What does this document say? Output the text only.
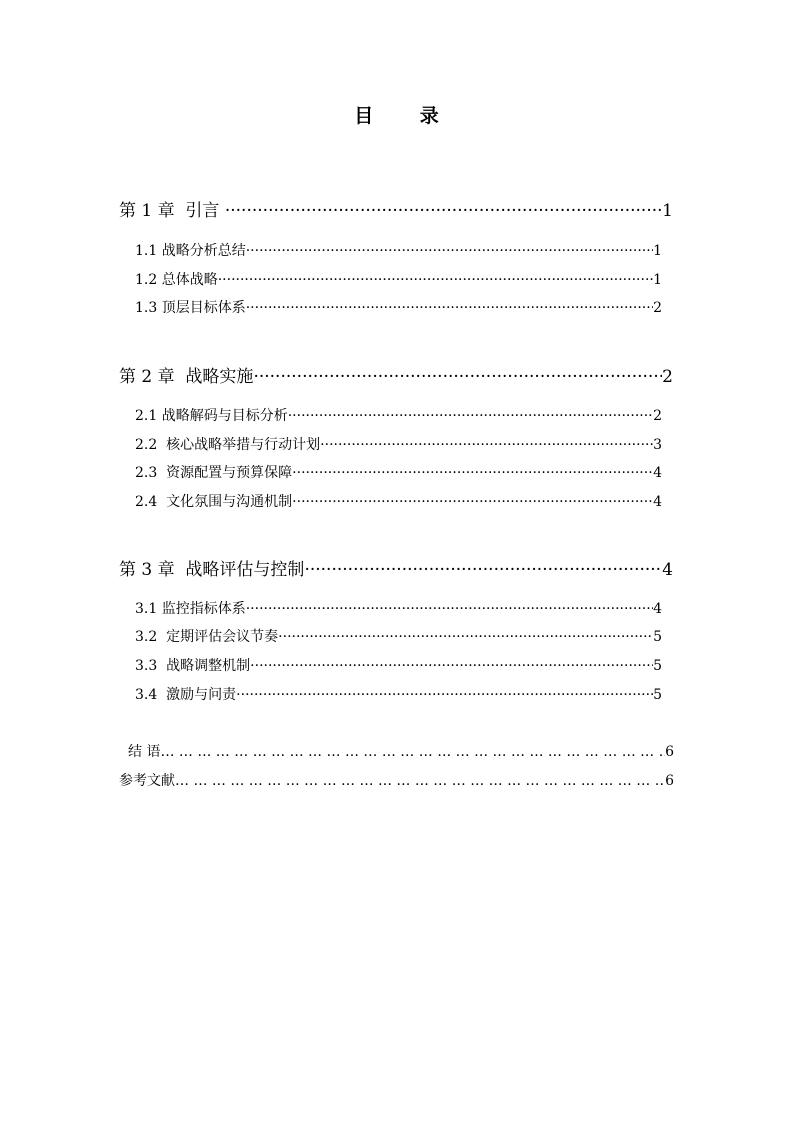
目 录
第 1 章  引言 ·····	1
1.1 战略分析总结 ·····	1
1.2 总体战略 ·····	1
1.3 顶层目标体系 ·····	2
第 2 章  战略实施 ·····	2
2.1 战略解码与目标分析 ·····	2
2.2  核心战略举措与行动计划 ·····	3
2.3  资源配置与预算保障 ·····	4
2.4  文化氛围与沟通机制 ·····	4
第 3 章  战略评估与控制 ·····	4
3.1 监控指标体系 ·····	4
3.2  定期评估会议节奏 ·····	5
3.3  战略调整机制 ·····	5
3.4  激励与问责 ·····	5
结 语 … … … … … … … … … … … … … … … … … … … … … … … … … … … … … … … … … … … … … … … … … … … … … … … … … … … … … … … … … … … … … … … … …	6
参考文献 … … … … … … … … … … … … … … … … … … … … … … … … … … … … … … … … … … … … … … … … … … … … … … … … … … … … … … … … … … … … … … … … …	6
